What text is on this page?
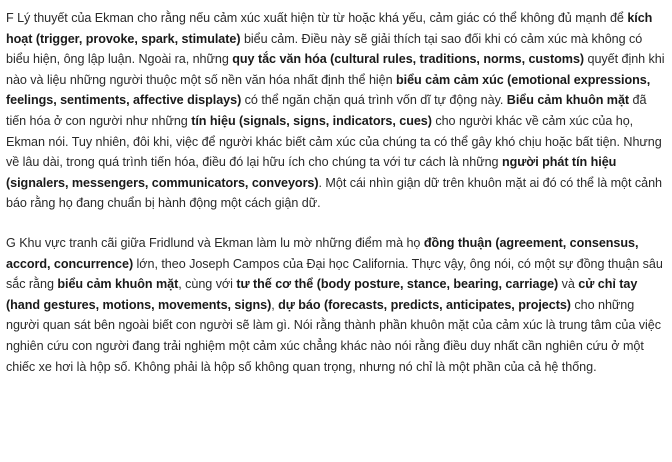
F Lý thuyết của Ekman cho rằng nếu cảm xúc xuất hiện từ từ hoặc khá yếu, cảm giác có thể không đủ mạnh để kích hoạt (trigger, provoke, spark, stimulate) biểu cảm. Điều này sẽ giải thích tại sao đối khi có cảm xúc mà không có biểu hiện, ông lập luận. Ngoài ra, những quy tắc văn hóa (cultural rules, traditions, norms, customs) quyết định khi nào và liệu những người thuộc một số nền văn hóa nhất định thể hiện biểu cảm cảm xúc (emotional expressions, feelings, sentiments, affective displays) có thể ngăn chặn quá trình vốn dĩ tự động này. Biểu cảm khuôn mặt đã tiến hóa ở con người như những tín hiệu (signals, signs, indicators, cues) cho người khác về cảm xúc của họ, Ekman nói. Tuy nhiên, đôi khi, việc để người khác biết cảm xúc của chúng ta có thể gây khó chịu hoặc bất tiện. Nhưng về lâu dài, trong quá trình tiến hóa, điều đó lại hữu ích cho chúng ta với tư cách là những người phát tín hiệu (signalers, messengers, communicators, conveyors). Một cái nhìn giận dữ trên khuôn mặt ai đó có thể là một cảnh báo rằng họ đang chuẩn bị hành động một cách giận dữ.

G Khu vực tranh cãi giữa Fridlund và Ekman làm lu mờ những điểm mà họ đồng thuận (agreement, consensus, accord, concurrence) lớn, theo Joseph Campos của Đại học California. Thực vậy, ông nói, có một sự đồng thuận sâu sắc rằng biểu cảm khuôn mặt, cùng với tư thế cơ thể (body posture, stance, bearing, carriage) và cử chỉ tay (hand gestures, motions, movements, signs), dự báo (forecasts, predicts, anticipates, projects) cho những người quan sát bên ngoài biết con người sẽ làm gì. Nói rằng thành phần khuôn mặt của cảm xúc là trung tâm của việc nghiên cứu con người đang trải nghiệm một cảm xúc chẳng khác nào nói rằng điều duy nhất cần nghiên cứu ở một chiếc xe hơi là hộp số. Không phải là hộp số không quan trọng, nhưng nó chỉ là một phần của cả hệ thống.
